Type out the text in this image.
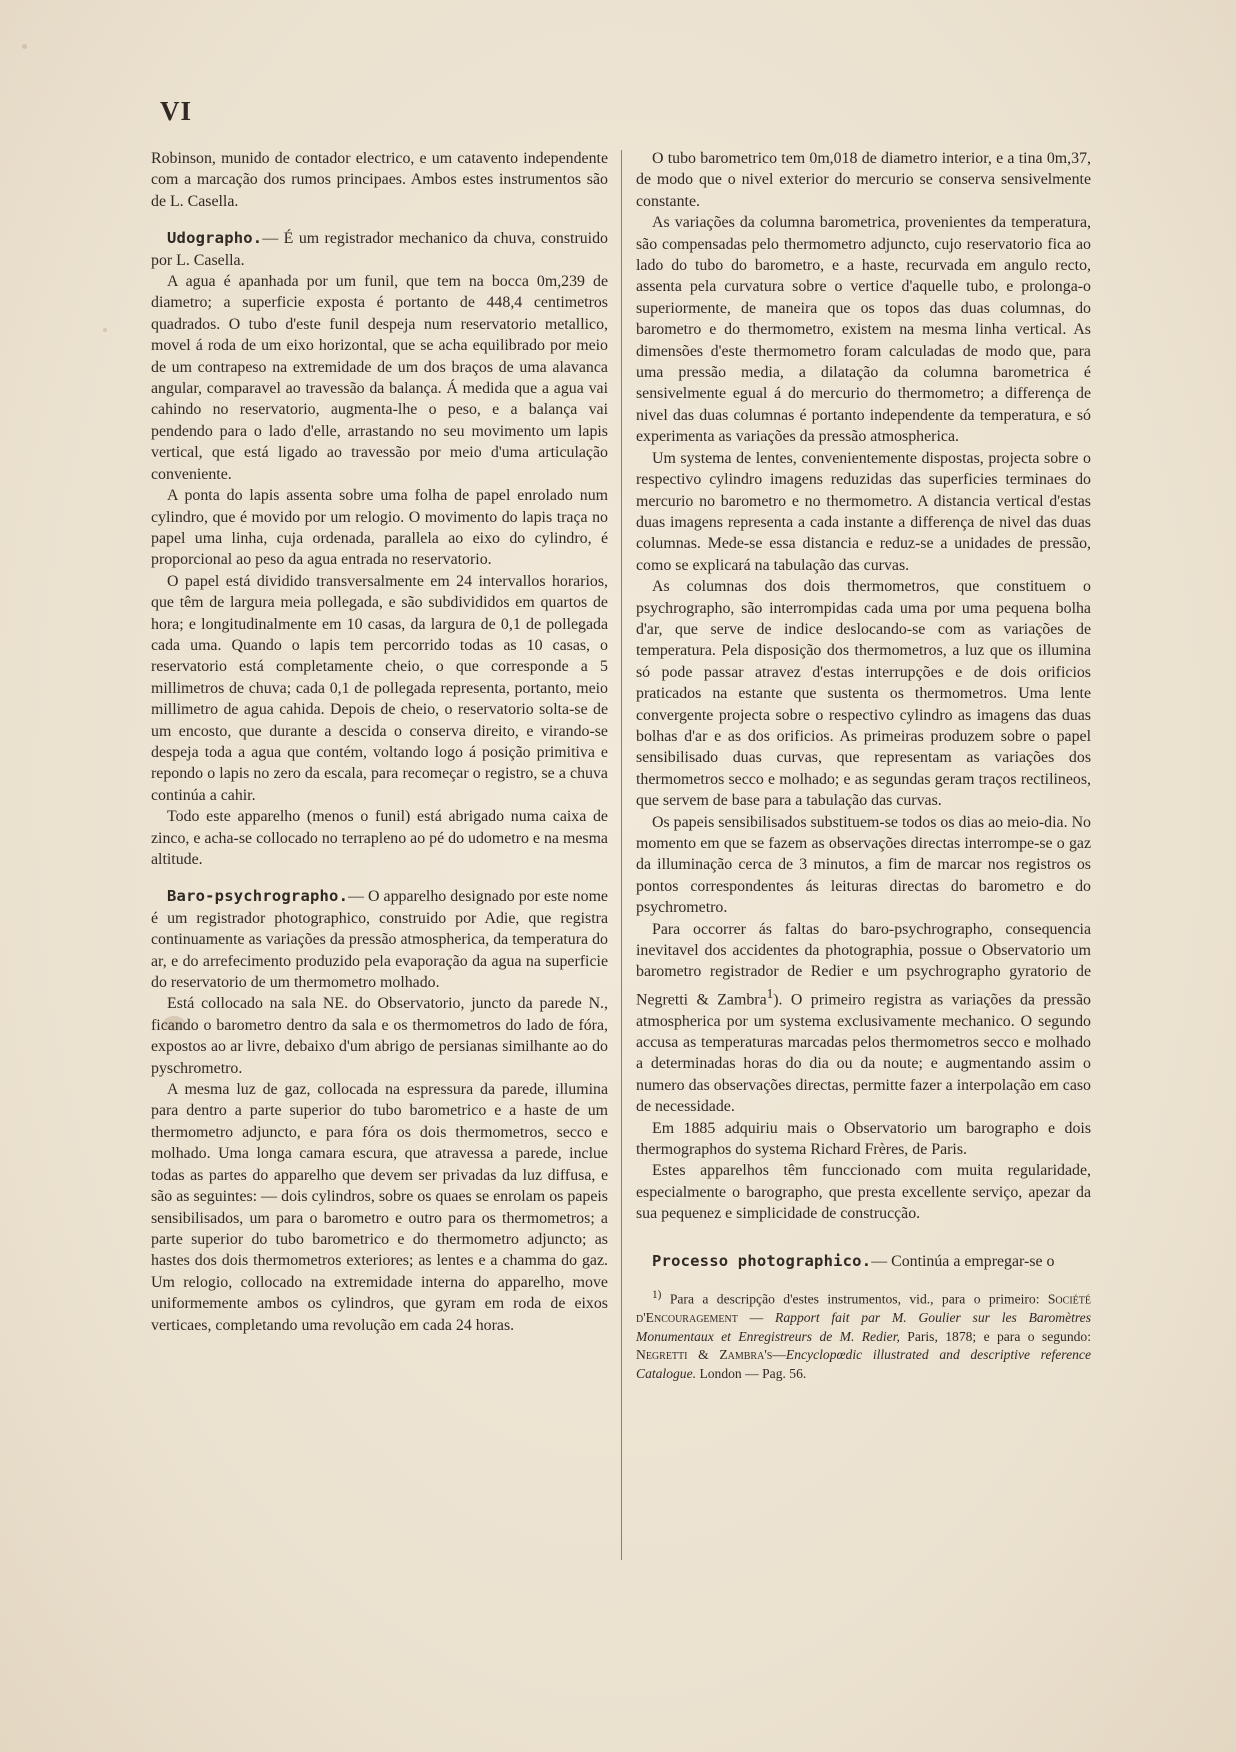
VI

Robinson, munido de contador electrico, e um catavento independente com a marcação dos rumos principaes. Ambos estes instrumentos são de L. Casella.

Udographo.— É um registrador mechanico da chuva, construido por L. Casella.

A agua é apanhada por um funil, que tem na bocca 0m,239 de diametro; a superficie exposta é portanto de 448,4 centimetros quadrados. O tubo d'este funil despeja num reservatorio metallico, movel á roda de um eixo horizontal, que se acha equilibrado por meio de um contrapeso na extremidade de um dos braços de uma alavanca angular, comparavel ao travessão da balança. Á medida que a agua vai cahindo no reservatorio, augmenta-lhe o peso, e a balança vai pendendo para o lado d'elle, arrastando no seu movimento um lapis vertical, que está ligado ao travessão por meio d'uma articulação conveniente.

A ponta do lapis assenta sobre uma folha de papel enrolado num cylindro, que é movido por um relogio. O movimento do lapis traça no papel uma linha, cuja ordenada, parallela ao eixo do cylindro, é proporcional ao peso da agua entrada no reservatorio.

O papel está dividido transversalmente em 24 intervallos horarios, que têm de largura meia pollegada, e são subdivididos em quartos de hora; e longitudinalmente em 10 casas, da largura de 0,1 de pollegada cada uma. Quando o lapis tem percorrido todas as 10 casas, o reservatorio está completamente cheio, o que corresponde a 5 millimetros de chuva; cada 0,1 de pollegada representa, portanto, meio millimetro de agua cahida. Depois de cheio, o reservatorio solta-se de um encosto, que durante a descida o conserva direito, e virando-se despeja toda a agua que contém, voltando logo á posição primitiva e repondo o lapis no zero da escala, para recomeçar o registro, se a chuva continúa a cahir.

Todo este apparelho (menos o funil) está abrigado numa caixa de zinco, e acha-se collocado no terrapleno ao pé do udometro e na mesma altitude.

Baro-psychrographo.— O apparelho designado por este nome é um registrador photographico, construido por Adie, que registra continuamente as variações da pressão atmospherica, da temperatura do ar, e do arrefecimento produzido pela evaporação da agua na superficie do reservatorio de um thermometro molhado.

Está collocado na sala NE. do Observatorio, juncto da parede N., ficando o barometro dentro da sala e os thermometros do lado de fóra, expostos ao ar livre, debaixo d'um abrigo de persianas similhante ao do pyschrometro.

A mesma luz de gaz, collocada na espressura da parede, illumina para dentro a parte superior do tubo barometrico e a haste de um thermometro adjuncto, e para fóra os dois thermometros, secco e molhado. Uma longa camara escura, que atravessa a parede, inclue todas as partes do apparelho que devem ser privadas da luz diffusa, e são as seguintes: — dois cylindros, sobre os quaes se enrolam os papeis sensibilisados, um para o barometro e outro para os thermometros; a parte superior do tubo barometrico e do thermometro adjuncto; as hastes dos dois thermometros exteriores; as lentes e a chamma do gaz. Um relogio, collocado na extremidade interna do apparelho, move uniformemente ambos os cylindros, que gyram em roda de eixos verticaes, completando uma revolução em cada 24 horas.

O tubo barometrico tem 0m,018 de diametro interior, e a tina 0m,37, de modo que o nivel exterior do mercurio se conserva sensivelmente constante.

As variações da columna barometrica, provenientes da temperatura, são compensadas pelo thermometro adjuncto, cujo reservatorio fica ao lado do tubo do barometro, e a haste, recurvada em angulo recto, assenta pela curvatura sobre o vertice d'aquelle tubo, e prolonga-o superiormente, de maneira que os topos das duas columnas, do barometro e do thermometro, existem na mesma linha vertical. As dimensões d'este thermometro foram calculadas de modo que, para uma pressão media, a dilatação da columna barometrica é sensivelmente egual á do mercurio do thermometro; a differença de nivel das duas columnas é portanto independente da temperatura, e só experimenta as variações da pressão atmospherica.

Um systema de lentes, convenientemente dispostas, projecta sobre o respectivo cylindro imagens reduzidas das superficies terminaes do mercurio no barometro e no thermometro. A distancia vertical d'estas duas imagens representa a cada instante a differença de nivel das duas columnas. Mede-se essa distancia e reduz-se a unidades de pressão, como se explicará na tabulação das curvas.

As columnas dos dois thermometros, que constituem o psychrographo, são interrompidas cada uma por uma pequena bolha d'ar, que serve de indice deslocando-se com as variações de temperatura. Pela disposição dos thermometros, a luz que os illumina só pode passar atravez d'estas interrupções e de dois orificios praticados na estante que sustenta os thermometros. Uma lente convergente projecta sobre o respectivo cylindro as imagens das duas bolhas d'ar e as dos orificios. As primeiras produzem sobre o papel sensibilisado duas curvas, que representam as variações dos thermometros secco e molhado; e as segundas geram traços rectilineos, que servem de base para a tabulação das curvas.

Os papeis sensibilisados substituem-se todos os dias ao meio-dia. No momento em que se fazem as observações directas interrompe-se o gaz da illuminação cerca de 3 minutos, a fim de marcar nos registros os pontos correspondentes ás leituras directas do barometro e do psychrometro.

Para occorrer ás faltas do baro-psychrographo, consequencia inevitavel dos accidentes da photographia, possue o Observatorio um barometro registrador de Redier e um psychrographo gyratorio de Negretti & Zambra$^1$). O primeiro registra as variações da pressão atmospherica por um systema exclusivamente mechanico. O segundo accusa as temperaturas marcadas pelos thermometros secco e molhado a determinadas horas do dia ou da noute; e augmentando assim o numero das observações directas, permitte fazer a interpolação em caso de necessidade.

Em 1885 adquiriu mais o Observatorio um barographo e dois thermographos do systema Richard Frères, de Paris.

Estes apparelhos têm funccionado com muita regularidade, especialmente o barographo, que presta excellente serviço, apezar da sua pequenez e simplicidade de construcção.

Processo photographico.— Continúa a empregar-se o

$^{1)}$ Para a descripção d'estes instrumentos, vid., para o primeiro: Société d'Encouragement — Rapport fait par M. Goulier sur les Baromètres Monumentaux et Enregistreurs de M. Redier, Paris, 1878; e para o segundo: Negretti & Zambra's—Encyclopœdic illustrated and descriptive reference Catalogue. London — Pag. 56.
